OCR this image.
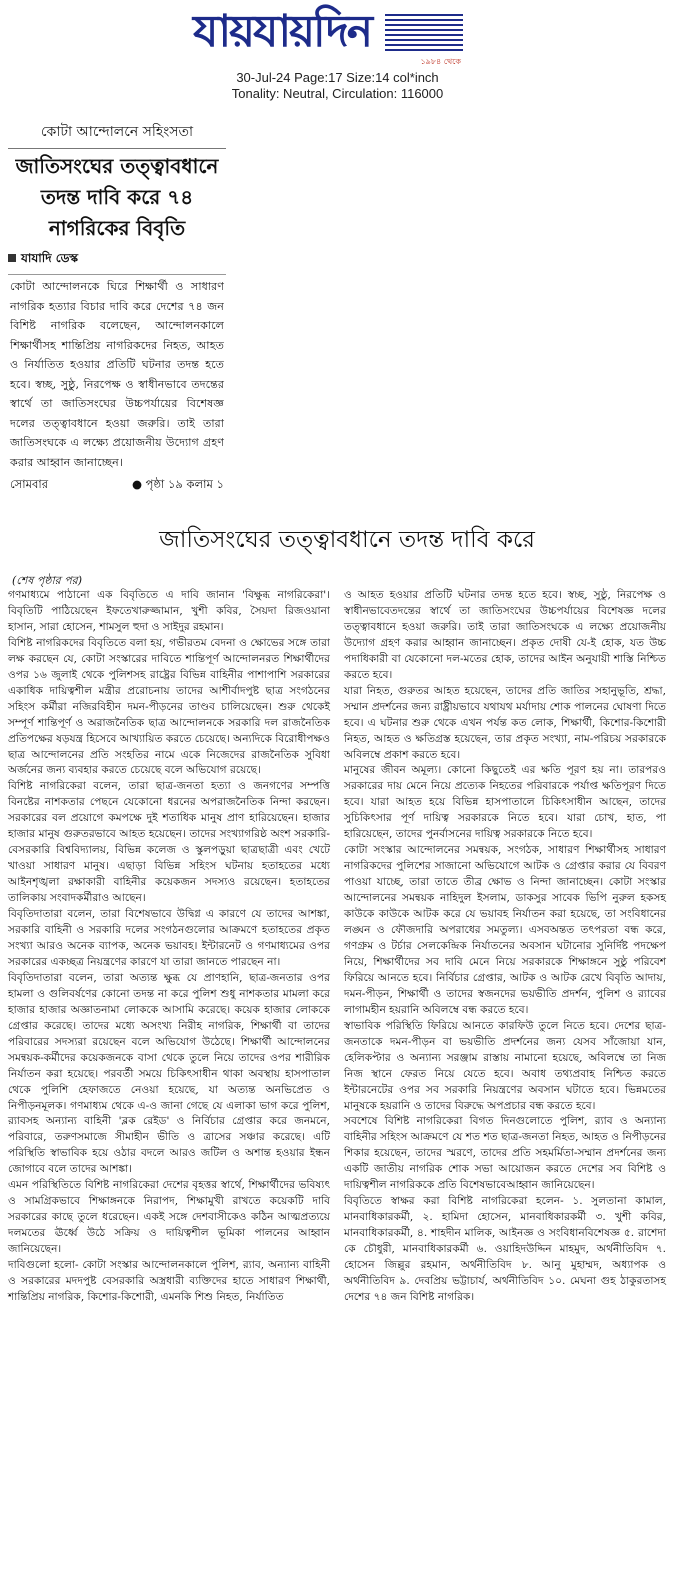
যায়যায়দিন
১৯৮৪ থেকে
30-Jul-24 Page:17 Size:14 col*inch
Tonality: Neutral, Circulation: 116000
কোটা আন্দোলনে সহিংসতা
জাতিসংঘের তত্ত্বাবধানে তদন্ত দাবি করে ৭৪ নাগরিকের বিবৃতি
যাযাদি ডেস্ক
কোটা আন্দোলনকে ঘিরে শিক্ষার্থী ও সাধারণ নাগরিক হত্যার বিচার দাবি করে দেশের ৭৪ জন বিশিষ্ট নাগরিক বলেছেন, আন্দোলনকালে শিক্ষার্থীসহ শান্তিপ্রিয় নাগরিকদের নিহত, আহত ও নির্যাতিত হওয়ার প্রতিটি ঘটনার তদন্ত হতে হবে। স্বচ্ছ, সুষ্ঠু, নিরপেক্ষ ও স্বাধীনভাবে তদন্তের স্বার্থে তা জাতিসংঘের উচ্চপর্যায়ের বিশেষজ্ঞ দলের তত্ত্বাবধানে হওয়া জরুরি। তাই তারা জাতিসংঘকে এ লক্ষ্যে প্রয়োজনীয় উদ্যোগ গ্রহণ করার আহ্বান জানাচ্ছেন।
সোমবার	● পৃষ্ঠা ১৯ কলাম ১
জাতিসংঘের তত্ত্বাবধানে তদন্ত দাবি করে
(শেষ পৃষ্ঠার পর)

গণমাধ্যমে পাঠানো এক বিবৃতিতে এ দাবি জানান 'বিক্ষুব্ধ নাগরিকেরা'। বিবৃতিটি পাঠিয়েছেন ইফতেখারুজ্জামান, খুশী কবির, সৈয়দা রিজওয়ানা হাসান, সারা হোসেন, শামসুল হুদা ও সাইদুর রহমান।

বিশিষ্ট নাগরিকদের বিবৃতিতে বলা হয়, গভীরতম বেদনা ও ক্ষোভের সঙ্গে তারা লক্ষ করছেন যে, কোটা সংস্কারের দাবিতে শান্তিপূর্ণ আন্দোলনরত শিক্ষার্থীদের ওপর ১৬ জুলাই থেকে পুলিশসহ রাষ্ট্রের বিভিন্ন বাহিনীর পাশাপাশি সরকারের একাধিক দায়িত্বশীল মন্ত্রীর প্ররোচনায় তাদের আশীর্বাদপুষ্ট ছাত্র সংগঠনের সহিংস কর্মীরা নজিরবিহীন দমন-পীড়নের তাণ্ডব চালিয়েছেন। শুরু থেকেই সম্পূর্ণ শান্তিপূর্ণ ও অরাজনৈতিক ছাত্র আন্দোলনকে সরকারি দল রাজনৈতিক প্রতিপক্ষের ষড়যন্ত্র হিসেবে আখ্যায়িত করতে চেয়েছে। অন্যদিকে বিরোধীপক্ষও ছাত্র আন্দোলনের প্রতি সংহতির নামে একে নিজেদের রাজনৈতিক সুবিধা অর্জনের জন্য ব্যবহার করতে চেয়েছে বলে অভিযোগ রয়েছে।

বিশিষ্ট নাগরিকেরা বলেন, তারা ছাত্র-জনতা হত্যা ও জনগণের সম্পত্তি বিনষ্টের নাশকতার পেছনে যেকোনো ধরনের অপরাজনৈতিক নিন্দা করছেন। সরকারের বল প্রয়োগে কমপক্ষে দুই শতাধিক মানুষ প্রাণ হারিয়েছেন। হাজার হাজার মানুষ গুরুতরভাবে আহত হয়েছেন। তাদের সংখ্যাগরিষ্ঠ অংশ সরকারি-বেসরকারি বিশ্ববিদ্যালয়, বিভিন্ন কলেজ ও স্কুলপড়ুয়া ছাত্রছাত্রী এবং খেটে খাওয়া সাধারণ মানুষ। এছাড়া বিভিন্ন সহিংস ঘটনায় হতাহতের মধ্যে আইনশৃঙ্খলা রক্ষাকারী বাহিনীর কয়েকজন সদস্যও রয়েছেন। হতাহতের তালিকায় সংবাদকর্মীরাও আছেন।

বিবৃতিদাতারা বলেন, তারা বিশেষভাবে উদ্বিগ্ন এ কারণে যে তাদের আশঙ্কা, সরকারি বাহিনী ও সরকারি দলের সংগঠনগুলোর আক্রমণে হতাহতের প্রকৃত সংখ্যা আরও অনেক ব্যাপক, অনেক ভয়াবহ। ইন্টারনেট ও গণমাধ্যমের ওপর সরকারের একচ্ছত্র নিয়ন্ত্রণের কারণে যা তারা জানতে পারছেন না।

বিবৃতিদাতারা বলেন, তারা অত্যন্ত ক্ষুব্ধ যে প্রাণহানি, ছাত্র-জনতার ওপর হামলা ও গুলিবর্ষণের কোনো তদন্ত না করে পুলিশ শুধু নাশকতার মামলা করে হাজার হাজার অজ্ঞাতনামা লোককে আসামি করেছে। কয়েক হাজার লোককে গ্রেপ্তার করেছে। তাদের মধ্যে অসংখ্য নিরীহ নাগরিক, শিক্ষার্থী বা তাদের পরিবারের সদস্যরা রয়েছেন বলে অভিযোগ উঠেছে। শিক্ষার্থী আন্দোলনের সমন্বয়ক-কর্মীদের কয়েকজনকে বাসা থেকে তুলে নিয়ে তাদের ওপর শারীরিক নির্যাতন করা হয়েছে। পরবর্তী সময়ে চিকিৎসাধীন থাকা অবস্থায় হাসপাতাল থেকে পুলিশি হেফাজতে নেওয়া হয়েছে, যা অত্যন্ত অনভিপ্রেত ও নিপীড়নমূলক। গণমাধ্যম থেকে এ-ও জানা গেছে যে এলাকা ভাগ করে পুলিশ, র‍্যাবসহ অন্যান্য বাহিনী 'ব্লক রেইড' ও নির্বিচার গ্রেপ্তার করে জনমনে, পরিবারে, তরুণসমাজে সীমাহীন ভীতি ও ত্রাসের সঞ্চার করেছে। এটি পরিস্থিতি স্বাভাবিক হয়ে ওঠার বদলে আরও জটিল ও অশান্ত হওয়ার ইন্ধন জোগাবে বলে তাদের আশঙ্কা।

এমন পরিস্থিতিতে বিশিষ্ট নাগরিকেরা দেশের বৃহত্তর স্বার্থে, শিক্ষার্থীদের ভবিষ্যৎ ও সামগ্রিকভাবে শিক্ষাঙ্গনকে নিরাপদ, শিক্ষামুখী রাখতে কয়েকটি দাবি সরকারের কাছে তুলে ধরেছেন। একই সঙ্গে দেশবাসীকেও কঠিন আত্মপ্রত্যয়ে দলমতের ঊর্ধ্বে উঠে সক্রিয় ও দায়িত্বশীল ভূমিকা পালনের আহ্বান জানিয়েছেন।

দাবিগুলো হলো- কোটা সংস্কার আন্দোলনকালে পুলিশ, র‍্যাব, অন্যান্য বাহিনী ও সরকারের মদদপুষ্ট বেসরকারি অস্ত্রধারী ব্যক্তিদের হাতে সাধারণ শিক্ষার্থী, শান্তিপ্রিয় নাগরিক, কিশোর-কিশোরী, এমনকি শিশু নিহত, নির্যাতিত

ও আহত হওয়ার প্রতিটি ঘটনার তদন্ত হতে হবে। স্বচ্ছ, সুষ্ঠু, নিরপেক্ষ ও স্বাধীনভাবেতদন্তের স্বার্থে তা জাতিসংঘের উচ্চপর্যায়ের বিশেষজ্ঞ দলের তত্ত্বাবধানে হওয়া জরুরি। তাই তারা জাতিসংঘকে এ লক্ষ্যে প্রয়োজনীয় উদ্যোগ গ্রহণ করার আহ্বান জানাচ্ছেন। প্রকৃত দোষী যে-ই হোক, যত উচ্চ পদাধিকারী বা যেকোনো দল-মতের হোক, তাদের আইন অনুযায়ী শাস্তি নিশ্চিত করতে হবে।

যারা নিহত, গুরুতর আহত হয়েছেন, তাদের প্রতি জাতির সহানুভূতি, শ্রদ্ধা, সম্মান প্রদর্শনের জন্য রাষ্ট্রীয়ভাবে যথাযথ মর্যাদায় শোক পালনের ঘোষণা দিতে হবে। এ ঘটনার শুরু থেকে এখন পর্যন্ত কত লোক, শিক্ষার্থী, কিশোর-কিশোরী নিহত, আহত ও ক্ষতিগ্রস্ত হয়েছেন, তার প্রকৃত সংখ্যা, নাম-পরিচয় সরকারকে অবিলম্বে প্রকাশ করতে হবে।

মানুষের জীবন অমূল্য। কোনো কিছুতেই এর ক্ষতি পূরণ হয় না। তারপরও সরকারের দায় মেনে নিয়ে প্রত্যেক নিহতের পরিবারকে পর্যাপ্ত ক্ষতিপূরণ দিতে হবে। যারা আহত হয়ে বিভিন্ন হাসপাতালে চিকিৎসাধীন আছেন, তাদের সুচিকিৎসার পূর্ণ দায়িত্ব সরকারকে নিতে হবে। যারা চোখ, হাত, পা হারিয়েছেন, তাদের পুনর্বাসনের দায়িত্ব সরকারকে নিতে হবে।

কোটা সংস্কার আন্দোলনের সমন্বয়ক, সংগঠক, সাধারণ শিক্ষার্থীসহ সাধারণ নাগরিকদের পুলিশের সাজানো অভিযোগে আটক ও গ্রেপ্তার করার যে বিবরণ পাওয়া যাচ্ছে, তারা তাতে তীব্র ক্ষোভ ও নিন্দা জানাচ্ছেন। কোটা সংস্কার আন্দোলনের সমন্বয়ক নাহিদুল ইসলাম, ডাকসুর সাবেক ভিপি নুরুল হকসহ কাউকে কাউকে আটক করে যে ভয়াবহ নির্যাতন করা হয়েছে, তা সংবিধানের লঙ্ঘন ও ফৌজদারি অপরাধের সমতুল্য। এসবঅন্তত তৎপরতা বন্ধ করে, গণগ্রুম ও টর্চার সেলকেন্দ্রিক নির্যাতনের অবসান ঘটানোর সুনির্দিষ্ট পদক্ষেপ নিয়ে, শিক্ষার্থীদের সব দাবি মেনে নিয়ে সরকারকে শিক্ষাঙ্গনে সুষ্ঠু পরিবেশ ফিরিয়ে আনতে হবে। নির্বিচার গ্রেপ্তার, আটক ও আটক রেখে বিবৃতি আদায়, দমন-পীড়ন, শিক্ষার্থী ও তাদের স্বজনদের ভয়ভীতি প্রদর্শন, পুলিশ ও র‍্যাবের লাগামহীন হয়রানি অবিলম্বে বন্ধ করতে হবে।

স্বাভাবিক পরিস্থিতি ফিরিয়ে আনতে কারফিউ তুলে নিতে হবে। দেশের ছাত্র-জনতাকে দমন-পীড়ন বা ভয়ভীতি প্রদর্শনের জন্য যেসব সাঁজোয়া যান, হেলিকপ্টার ও অন্যান্য সরঞ্জাম রাস্তায় নামানো হয়েছে, অবিলম্বে তা নিজ নিজ স্থানে ফেরত নিয়ে যেতে হবে। অবাধ তথ্যপ্রবাহ নিশ্চিত করতে ইন্টারনেটের ওপর সব সরকারি নিয়ন্ত্রণের অবসান ঘটাতে হবে। ভিন্নমতের মানুষকে হয়রানি ও তাদের বিরুদ্ধে অপপ্রচার বন্ধ করতে হবে।

সবশেষে বিশিষ্ট নাগরিকেরা বিগত দিনগুলোতে পুলিশ, র‍্যাব ও অন্যান্য বাহিনীর সহিংস আক্রমণে যে শত শত ছাত্র-জনতা নিহত, আহত ও নিপীড়নের শিকার হয়েছেন, তাদের স্মরণে, তাদের প্রতি সহমর্মিতা-সম্মান প্রদর্শনের জন্য একটি জাতীয় নাগরিক শোক সভা আয়োজন করতে দেশের সব বিশিষ্ট ও দায়িত্বশীল নাগরিককে প্রতি বিশেষভাবেআহ্বান জানিয়েছেন।

বিবৃতিতে স্বাক্ষর করা বিশিষ্ট নাগরিকেরা হলেন- ১. সুলতানা কামাল, মানবাধিকারকর্মী, ২. হামিদা হোসেন, মানবাধিকারকর্মী ৩. খুশী কবির, মানবাধিকারকর্মী, ৪. শাহদীন মালিক, আইনজ্ঞ ও সংবিধানবিশেষজ্ঞ ৫. রাশেদা কে চৌধুরী, মানবাধিকারকর্মী ৬. ওয়াহিদউদ্দিন মাহমুদ, অর্থনীতিবিদ ৭. হোসেন জিল্লুর রহমান, অর্থনীতিবিদ ৮. আনু মুহাম্মদ, অধ্যাপক ও অর্থনীতিবিদ ৯. দেবপ্রিয় ভট্টাচার্য, অর্থনীতিবিদ ১০. মেঘনা গুহ ঠাকুরতাসহ দেশের ৭৪ জন বিশিষ্ট নাগরিক।
